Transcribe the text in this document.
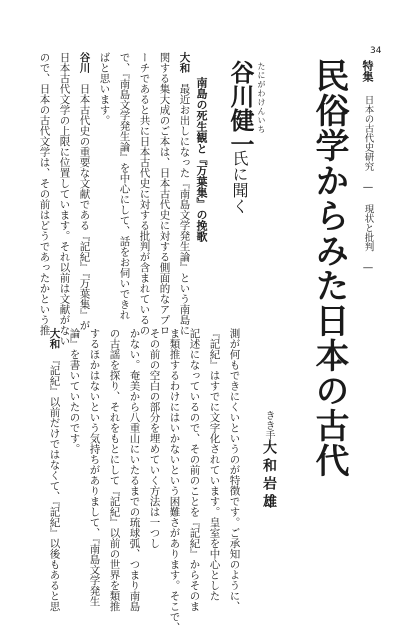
34
特集
日本の古代史研究 ― 現状と批判 ―
民俗学からみた日本の古代
きき手
大和岩雄
たにがわけんいち
谷川健一
氏に聞く
南島の死生観と『万葉集』の挽歌
大和　最近お出しになった『南島文学発生論』という南島に
関する集大成のご本は、日本古代史に対する側面的なアプロ
ーチであると共に日本古代史に対する批判が含まれているの
で、『南島文学発生論』を中心にして、話をお伺いできれ
ばと思います。
谷川　日本古代史の重要な文献である『記紀』『万葉集』が
日本古代文学の上限に位置しています。それ以前は文献がない
ので、日本の古代文学は、その前はどうであったかという推
測が何もできにくいというのが特徴です。ご承知のように、
『記紀』はすでに文字化されています。皇室を中心とした
記述になっているので、その前のことを『記紀』からそのま
ま類推するわけにはいかないという困難さがあります。そこで、
その前の空白の部分を埋めていく方法は一つし
かない。奄美から八重山にいたるまでの琉球弧、つまり南島
の古謡を探り、それをもとにして『記紀』以前の世界を類推
するほかはないという気持ちがありまして、『南島文学発生
論』を書いていたのです。
大和　『記紀』以前だけではなくて、『記紀』以後もあると思
